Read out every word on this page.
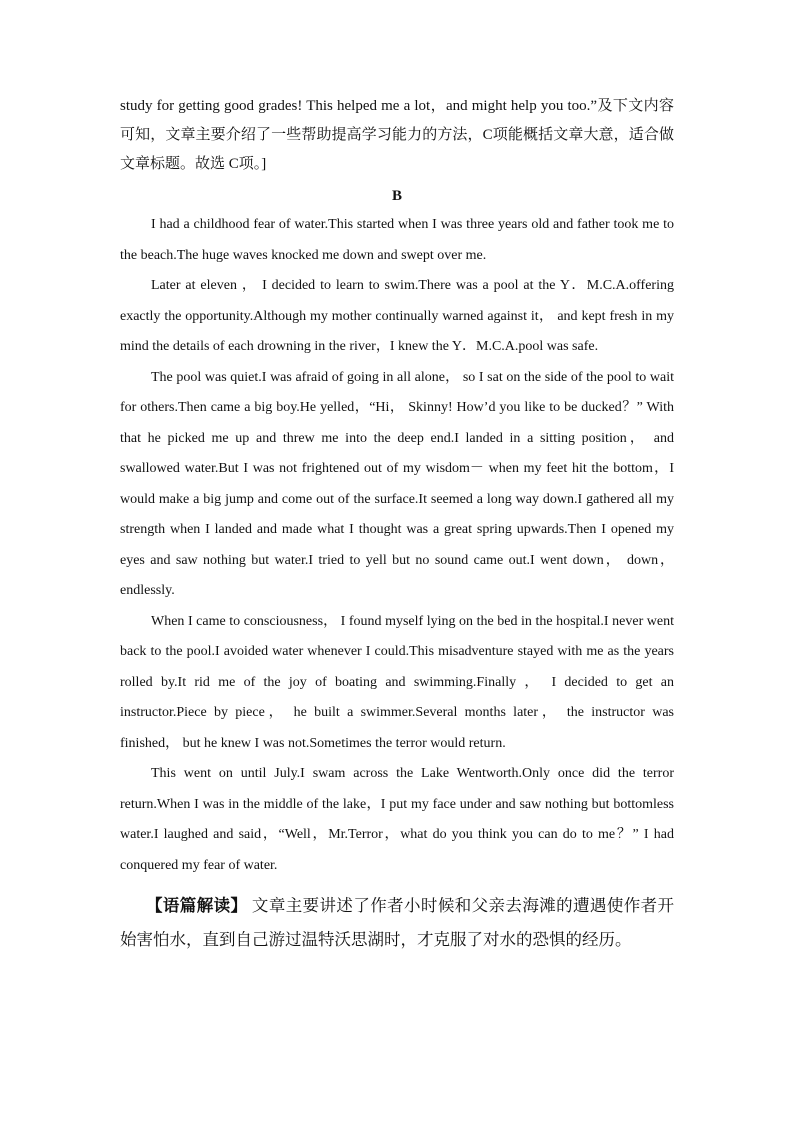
study for getting good grades! This helped me a lot，and might help you too.”及下文内容可知，文章主要介绍了一些帮助提高学习能力的方法，C项能概括文章大意，适合做文章标题。故选 C项。]

B

I had a childhood fear of water.This started when I was three years old and father took me to the beach.The huge waves knocked me down and swept over me.

Later at eleven ， I decided to learn to swim.There was a pool at the Y．M.C.A.offering exactly the opportunity.Although my mother continually warned against it， and kept fresh in my mind the details of each drowning in the river，I knew the Y．M.C.A.pool was safe.

The pool was quiet.I was afraid of going in all alone， so I sat on the side of the pool to wait for others.Then came a big boy.He yelled，“Hi， Skinny! How’d you like to be ducked？” With that he picked me up and threw me into the deep end.I landed in a sitting position， and swallowed water.But I was not frightened out of my wisdom－ when my feet hit the bottom，I would make a big jump and come out of the surface.It seemed a long way down.I gathered all my strength when I landed and made what I thought was a great spring upwards.Then I opened my eyes and saw nothing but water.I tried to yell but no sound came out.I went down， down， endlessly.

When I came to consciousness， I found myself lying on the bed in the hospital.I never went back to the pool.I avoided water whenever I could.This misadventure stayed with me as the years rolled by.It rid me of the joy of boating and swimming.Finally ， I decided to get an instructor.Piece by piece， he built a swimmer.Several months later， the instructor was finished， but he knew I was not.Sometimes the terror would return.

This went on until July.I swam across the Lake Wentworth.Only once did the terror return.When I was in the middle of the lake，I put my face under and saw nothing but bottomless water.I laughed and said，“Well，Mr.Terror，what do you think you can do to me？” I had conquered my fear of water.

【语篇解读】 文章主要讲述了作者小时候和父亲去海滩的遭遇使作者开始害怕水，直到自己游过温特沃思湖时，才克服了对水的恐惧的经历。
